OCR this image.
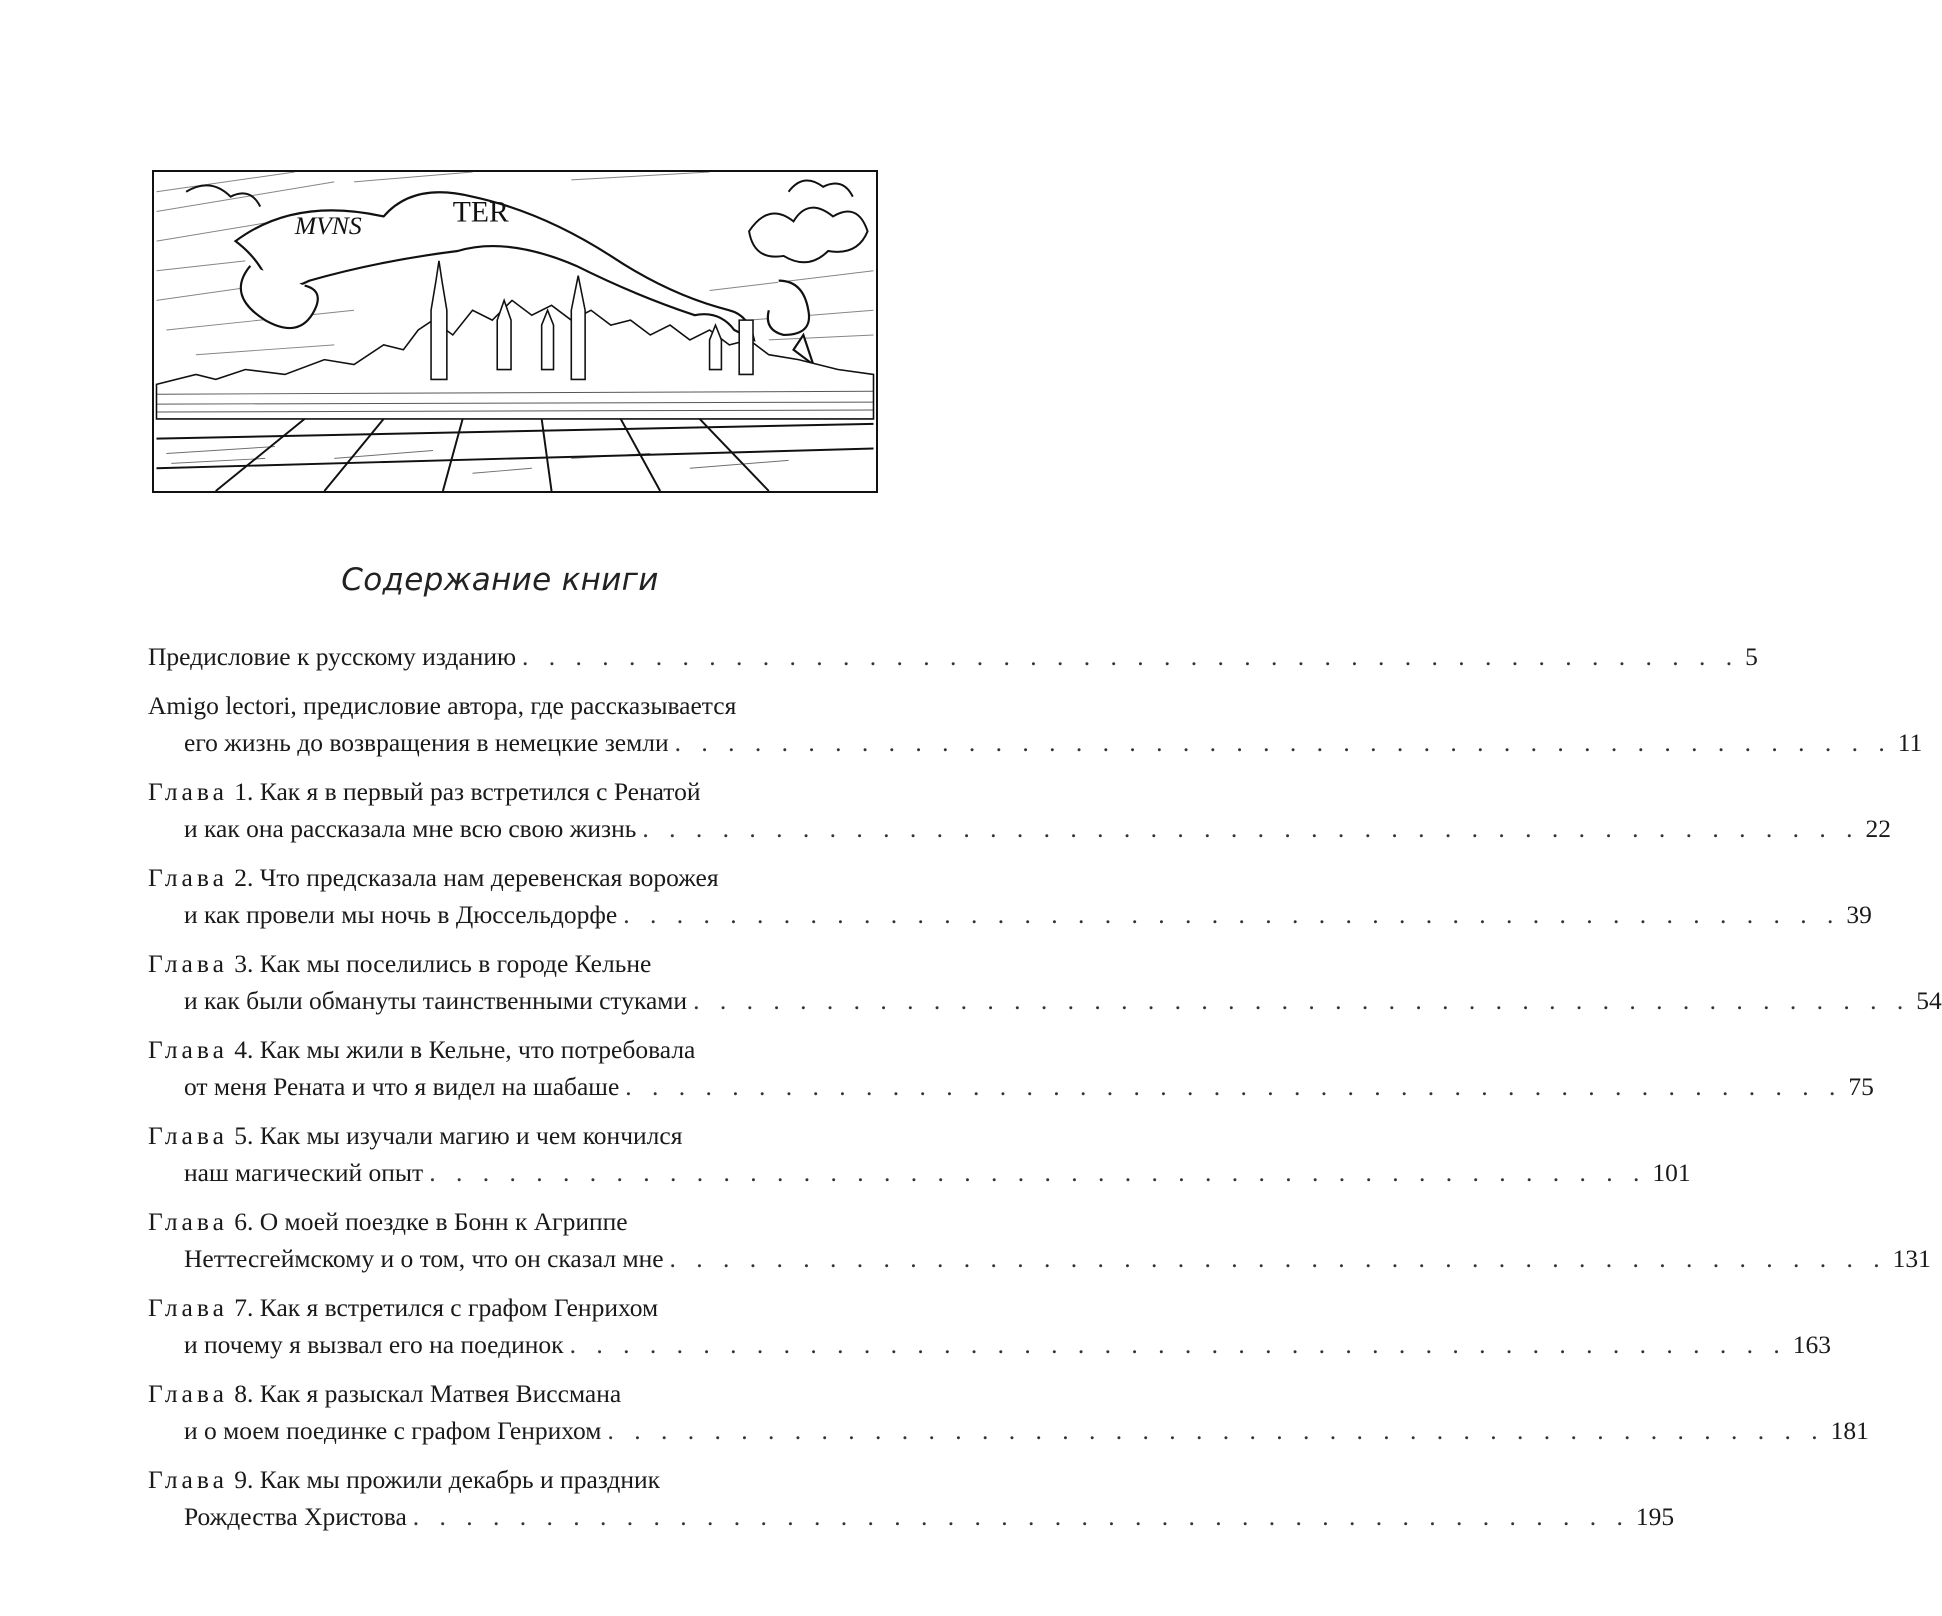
MVNS	TER
Содержание книги
Предисловие к русскому изданию . . . . . . . . . . . . . . . . . . . . . . . . . . . . . . . . . . . . . . . . . . . . . . 5
Amigo lectori, предисловие автора, где рассказывается
его жизнь до возвращения в немецкие земли . . . . . . . . . . . . . . . . . . . . . . . . . . . . . . . . . . . . . . . . . . . . . . 11
Глава 1. Как я в первый раз встретился с Ренатой
и как она рассказала мне всю свою жизнь . . . . . . . . . . . . . . . . . . . . . . . . . . . . . . . . . . . . . . . . . . . . . . 22
Глава 2. Что предсказала нам деревенская ворожея
и как провели мы ночь в Дюссельдорфе . . . . . . . . . . . . . . . . . . . . . . . . . . . . . . . . . . . . . . . . . . . . . . 39
Глава 3. Как мы поселились в городе Кельне
и как были обмануты таинственными стуками . . . . . . . . . . . . . . . . . . . . . . . . . . . . . . . . . . . . . . . . . . . . . . 54
Глава 4. Как мы жили в Кельне, что потребовала
от меня Рената и что я видел на шабаше . . . . . . . . . . . . . . . . . . . . . . . . . . . . . . . . . . . . . . . . . . . . . . 75
Глава 5. Как мы изучали магию и чем кончился
наш магический опыт . . . . . . . . . . . . . . . . . . . . . . . . . . . . . . . . . . . . . . . . . . . . . . 101
Глава 6. О моей поездке в Бонн к Агриппе
Неттесгеймскому и о том, что он сказал мне . . . . . . . . . . . . . . . . . . . . . . . . . . . . . . . . . . . . . . . . . . . . . . 131
Глава 7. Как я встретился с графом Генрихом
и почему я вызвал его на поединок . . . . . . . . . . . . . . . . . . . . . . . . . . . . . . . . . . . . . . . . . . . . . . 163
Глава 8. Как я разыскал Матвея Виссмана
и о моем поединке с графом Генрихом . . . . . . . . . . . . . . . . . . . . . . . . . . . . . . . . . . . . . . . . . . . . . . 181
Глава 9. Как мы прожили декабрь и праздник
Рождества Христова . . . . . . . . . . . . . . . . . . . . . . . . . . . . . . . . . . . . . . . . . . . . . . 195
